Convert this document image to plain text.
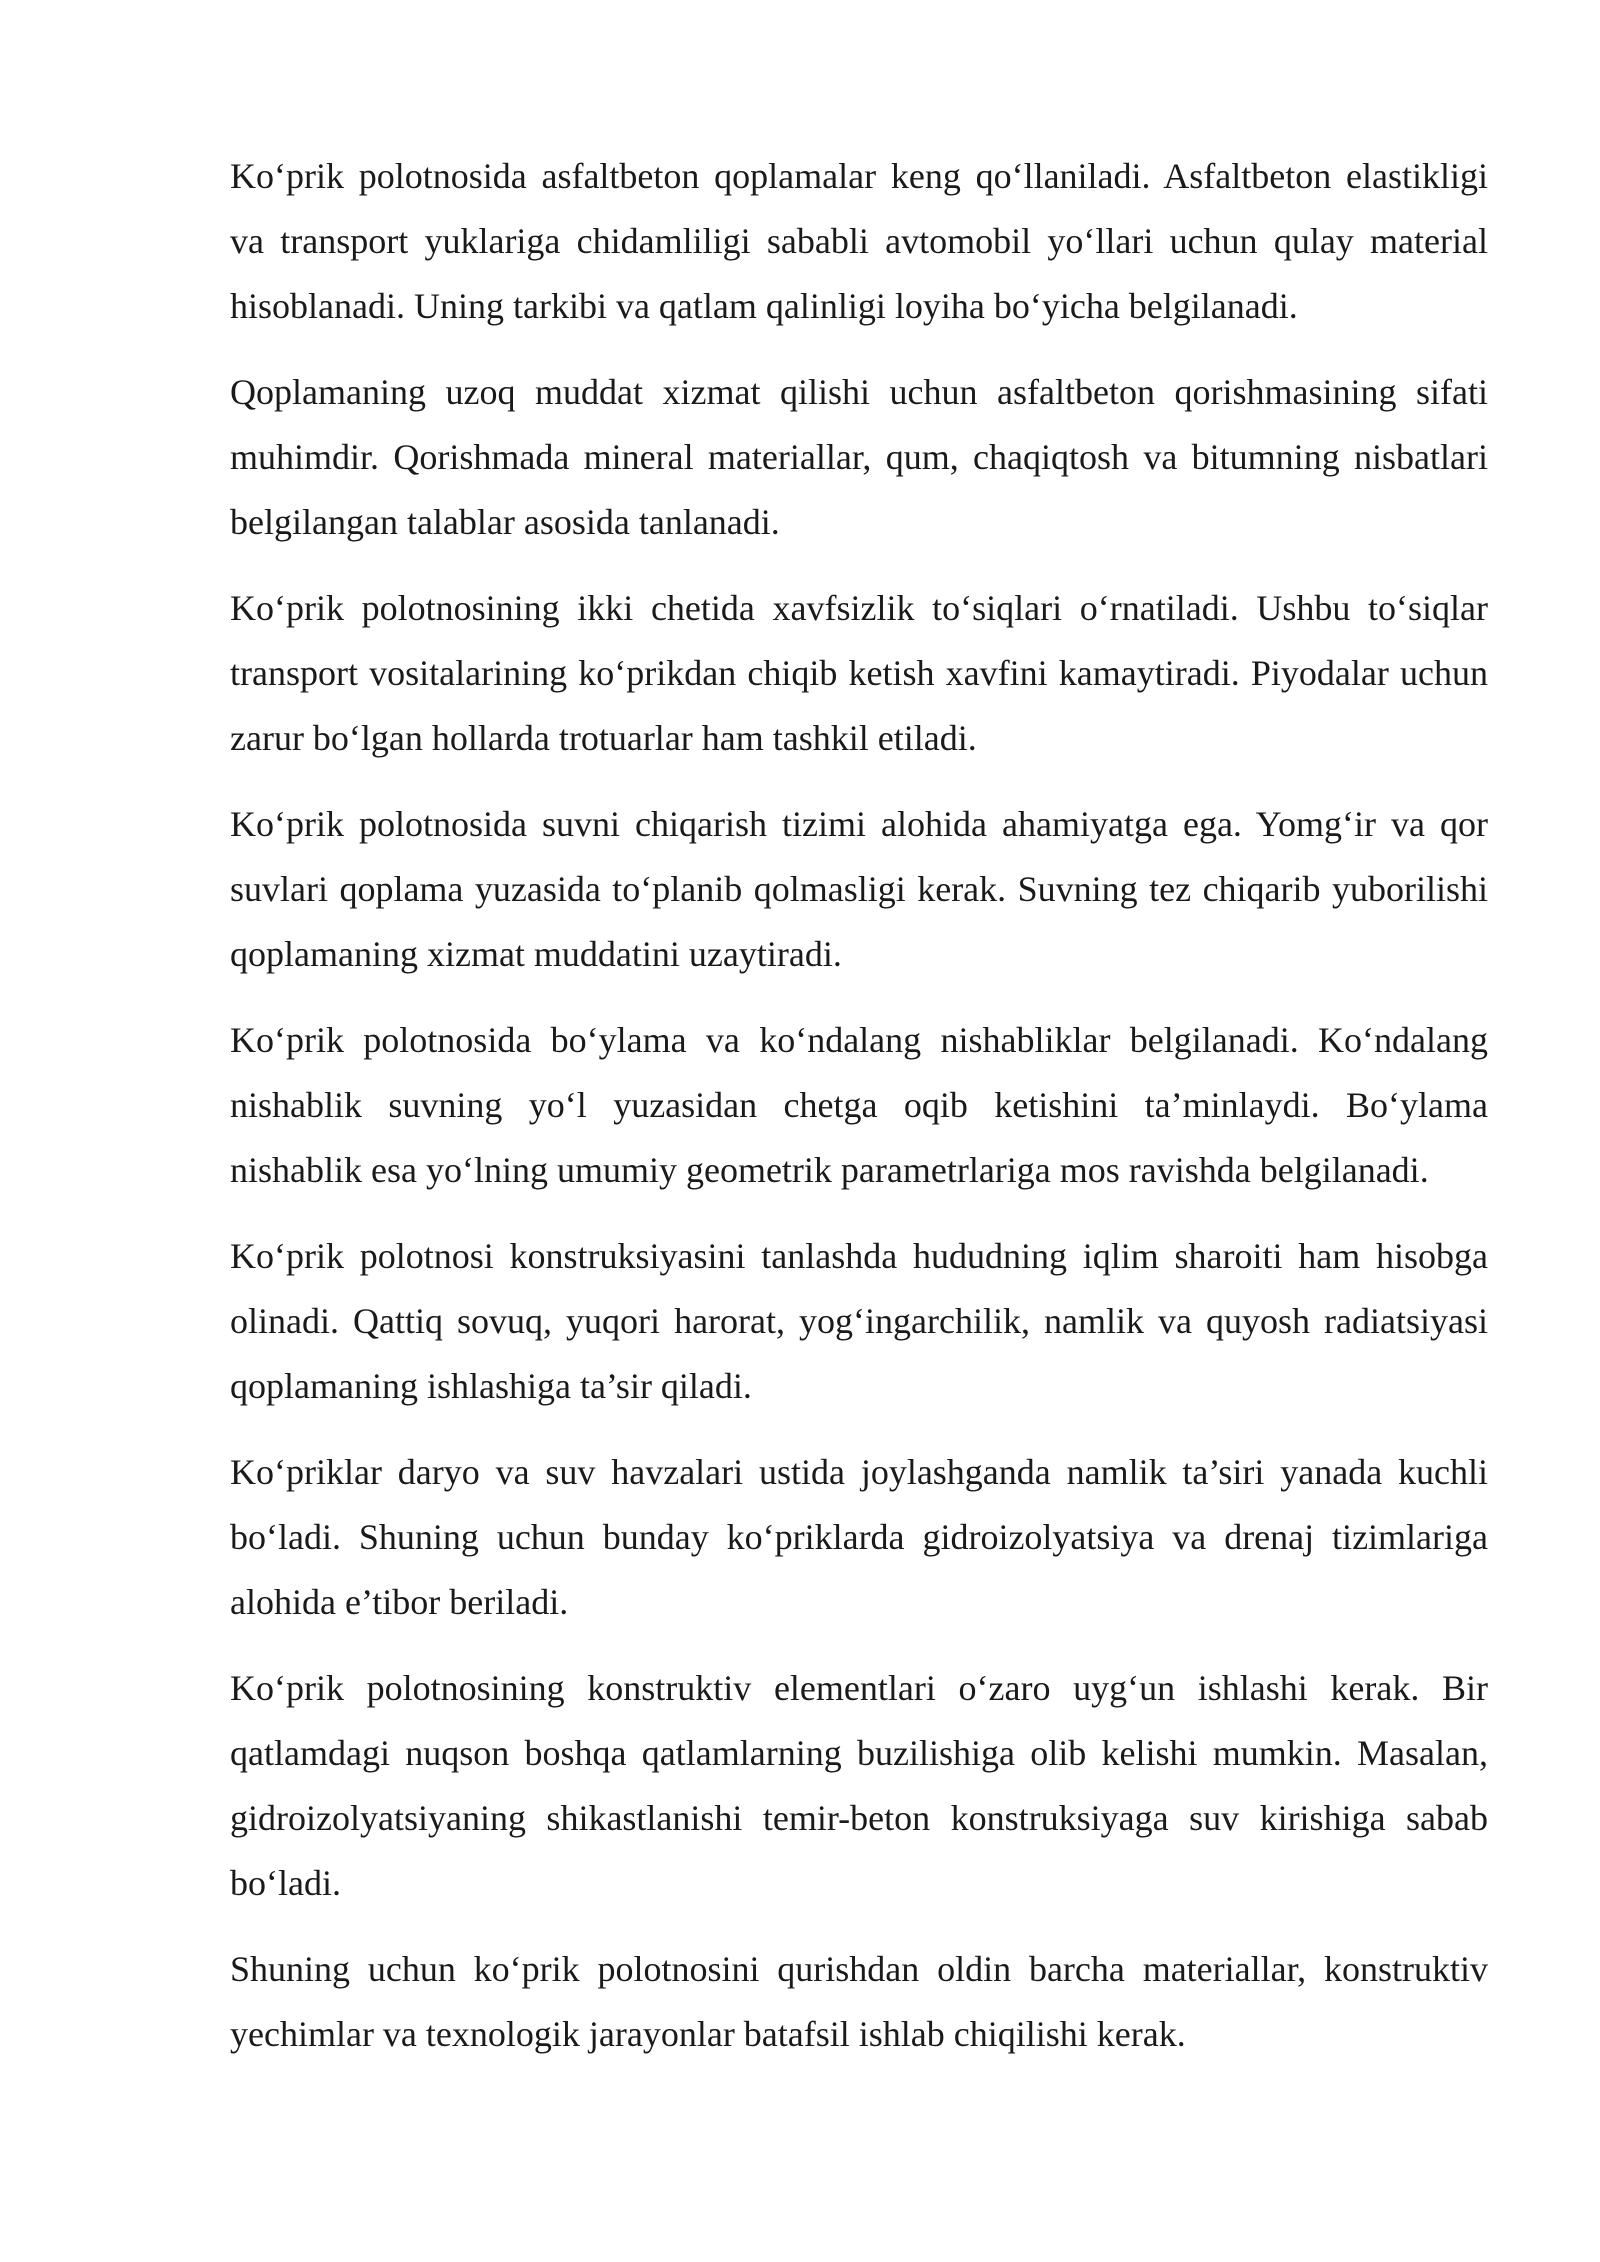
Ko‘prik polotnosida asfaltbeton qoplamalar keng qo‘llaniladi. Asfaltbeton elastikligi va transport yuklariga chidamliligi sababli avtomobil yo‘llari uchun qulay material hisoblanadi. Uning tarkibi va qatlam qalinligi loyiha bo‘yicha belgilanadi.

Qoplamaning uzoq muddat xizmat qilishi uchun asfaltbeton qorishmasining sifati muhimdir. Qorishmada mineral materiallar, qum, chaqiqtosh va bitumning nisbatlari belgilangan talablar asosida tanlanadi.

Ko‘prik polotnosining ikki chetida xavfsizlik to‘siqlari o‘rnatiladi. Ushbu to‘siqlar transport vositalarining ko‘prikdan chiqib ketish xavfini kamaytiradi. Piyodalar uchun zarur bo‘lgan hollarda trotuarlar ham tashkil etiladi.

Ko‘prik polotnosida suvni chiqarish tizimi alohida ahamiyatga ega. Yomg‘ir va qor suvlari qoplama yuzasida to‘planib qolmasligi kerak. Suvning tez chiqarib yuborilishi qoplamaning xizmat muddatini uzaytiradi.

Ko‘prik polotnosida bo‘ylama va ko‘ndalang nishabliklar belgilanadi. Ko‘ndalang nishablik suvning yo‘l yuzasidan chetga oqib ketishini ta’minlaydi. Bo‘ylama nishablik esa yo‘lning umumiy geometrik parametrlariga mos ravishda belgilanadi.

Ko‘prik polotnosi konstruksiyasini tanlashda hududning iqlim sharoiti ham hisobga olinadi. Qattiq sovuq, yuqori harorat, yog‘ingarchilik, namlik va quyosh radiatsiyasi qoplamaning ishlashiga ta’sir qiladi.

Ko‘priklar daryo va suv havzalari ustida joylashganda namlik ta’siri yanada kuchli bo‘ladi. Shuning uchun bunday ko‘priklarda gidroizolyatsiya va drenaj tizimlariga alohida e’tibor beriladi.

Ko‘prik polotnosining konstruktiv elementlari o‘zaro uyg‘un ishlashi kerak. Bir qatlamdagi nuqson boshqa qatlamlarning buzilishiga olib kelishi mumkin. Masalan, gidroizolyatsiyaning shikastlanishi temir-beton konstruksiyaga suv kirishiga sabab bo‘ladi.

Shuning uchun ko‘prik polotnosini qurishdan oldin barcha materiallar, konstruktiv yechimlar va texnologik jarayonlar batafsil ishlab chiqilishi kerak.
